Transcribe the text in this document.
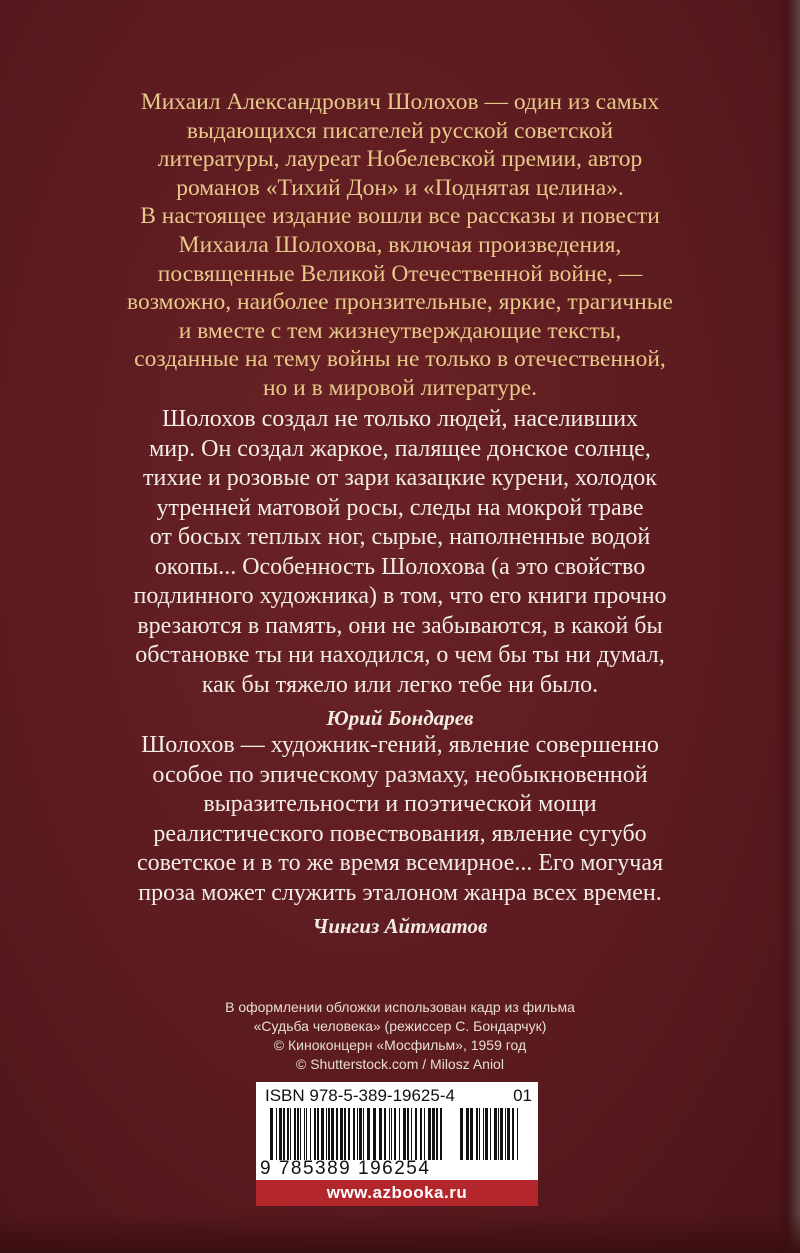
Михаил Александрович Шолохов — один из самых

выдающихся писателей русской советской

литературы, лауреат Нобелевской премии, автор

романов «Тихий Дон» и «Поднятая целина».

В настоящее издание вошли все рассказы и повести

Михаила Шолохова, включая произведения,

посвященные Великой Отечественной войне, —

возможно, наиболее пронзительные, яркие, трагичные

и вместе с тем жизнеутверждающие тексты,

созданные на тему войны не только в отечественной,

но и в мировой литературе.

Шолохов создал не только людей, населивших

мир. Он создал жаркое, палящее донское солнце,

тихие и розовые от зари казацкие курени, холодок

утренней матовой росы, следы на мокрой траве

от босых теплых ног, сырые, наполненные водой

окопы... Особенность Шолохова (а это свойство

подлинного художника) в том, что его книги прочно

врезаются в память, они не забываются, в какой бы

обстановке ты ни находился, о чем бы ты ни думал,

как бы тяжело или легко тебе ни было.

Юрий Бондарев

Шолохов — художник-гений, явление совершенно

особое по эпическому размаху, необыкновенной

выразительности и поэтической мощи

реалистического повествования, явление сугубо

советское и в то же время всемирное... Его могучая

проза может служить эталоном жанра всех времен.

Чингиз Айтматов
В оформлении обложки использован кадр из фильма
«Судьба человека» (режиссер С. Бондарчук)
© Киноконцерн «Мосфильм», 1959 год
© Shutterstock.com / Milosz Aniol
ISBN 978-5-389-19625-4	01
9 785389 196254
www.azbooka.ru
